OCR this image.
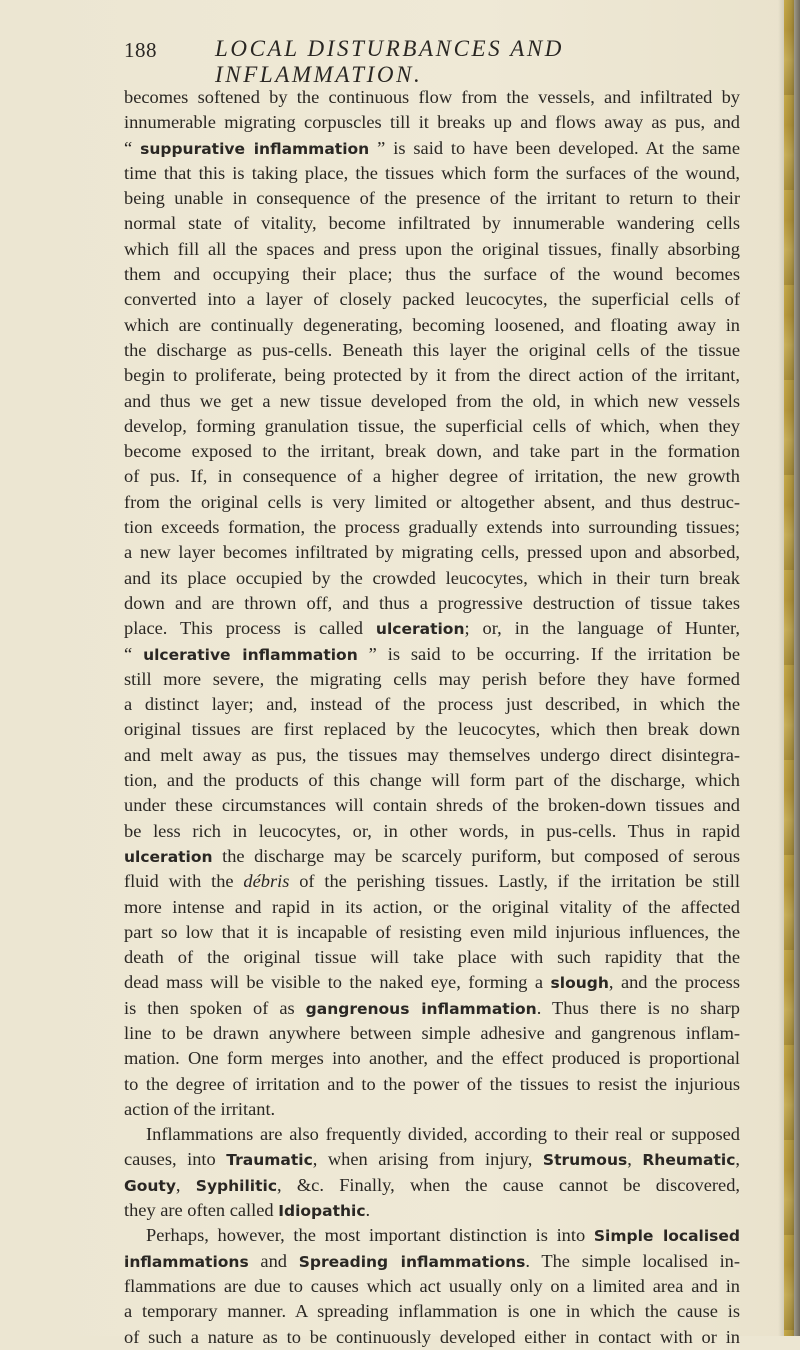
188	LOCAL DISTURBANCES AND INFLAMMATION.
becomes softened by the continuous flow from the vessels, and infiltrated by
innumerable migrating corpuscles till it breaks up and flows away as pus, and
“ suppurative inflammation ” is said to have been developed. At the same
time that this is taking place, the tissues which form the surfaces of the wound,
being unable in consequence of the presence of the irritant to return to their
normal state of vitality, become infiltrated by innumerable wandering cells
which fill all the spaces and press upon the original tissues, finally absorbing
them and occupying their place; thus the surface of the wound becomes
converted into a layer of closely packed leucocytes, the superficial cells of
which are continually degenerating, becoming loosened, and floating away in
the discharge as pus-cells. Beneath this layer the original cells of the tissue
begin to proliferate, being protected by it from the direct action of the irritant,
and thus we get a new tissue developed from the old, in which new vessels
develop, forming granulation tissue, the superficial cells of which, when they
become exposed to the irritant, break down, and take part in the formation
of pus. If, in consequence of a higher degree of irritation, the new growth
from the original cells is very limited or altogether absent, and thus destruc-
tion exceeds formation, the process gradually extends into surrounding tissues;
a new layer becomes infiltrated by migrating cells, pressed upon and absorbed,
and its place occupied by the crowded leucocytes, which in their turn break
down and are thrown off, and thus a progressive destruction of tissue takes
place. This process is called ulceration; or, in the language of Hunter,
“ ulcerative inflammation ” is said to be occurring. If the irritation be
still more severe, the migrating cells may perish before they have formed
a distinct layer; and, instead of the process just described, in which the
original tissues are first replaced by the leucocytes, which then break down
and melt away as pus, the tissues may themselves undergo direct disintegra-
tion, and the products of this change will form part of the discharge, which
under these circumstances will contain shreds of the broken-down tissues and
be less rich in leucocytes, or, in other words, in pus-cells. Thus in rapid
ulceration the discharge may be scarcely puriform, but composed of serous
fluid with the débris of the perishing tissues. Lastly, if the irritation be still
more intense and rapid in its action, or the original vitality of the affected
part so low that it is incapable of resisting even mild injurious influences, the
death of the original tissue will take place with such rapidity that the
dead mass will be visible to the naked eye, forming a slough, and the process
is then spoken of as gangrenous inflammation. Thus there is no sharp
line to be drawn anywhere between simple adhesive and gangrenous inflam-
mation. One form merges into another, and the effect produced is proportional
to the degree of irritation and to the power of the tissues to resist the injurious
action of the irritant.
Inflammations are also frequently divided, according to their real or supposed
causes, into Traumatic, when arising from injury, Strumous, Rheumatic,
Gouty, Syphilitic, &c. Finally, when the cause cannot be discovered,
they are often called Idiopathic.
Perhaps, however, the most important distinction is into Simple localised
inflammations and Spreading inflammations. The simple localised in-
flammations are due to causes which act usually only on a limited area and in
a temporary manner. A spreading inflammation is one in which the cause is
of such a nature as to be continuously developed either in contact with or in
